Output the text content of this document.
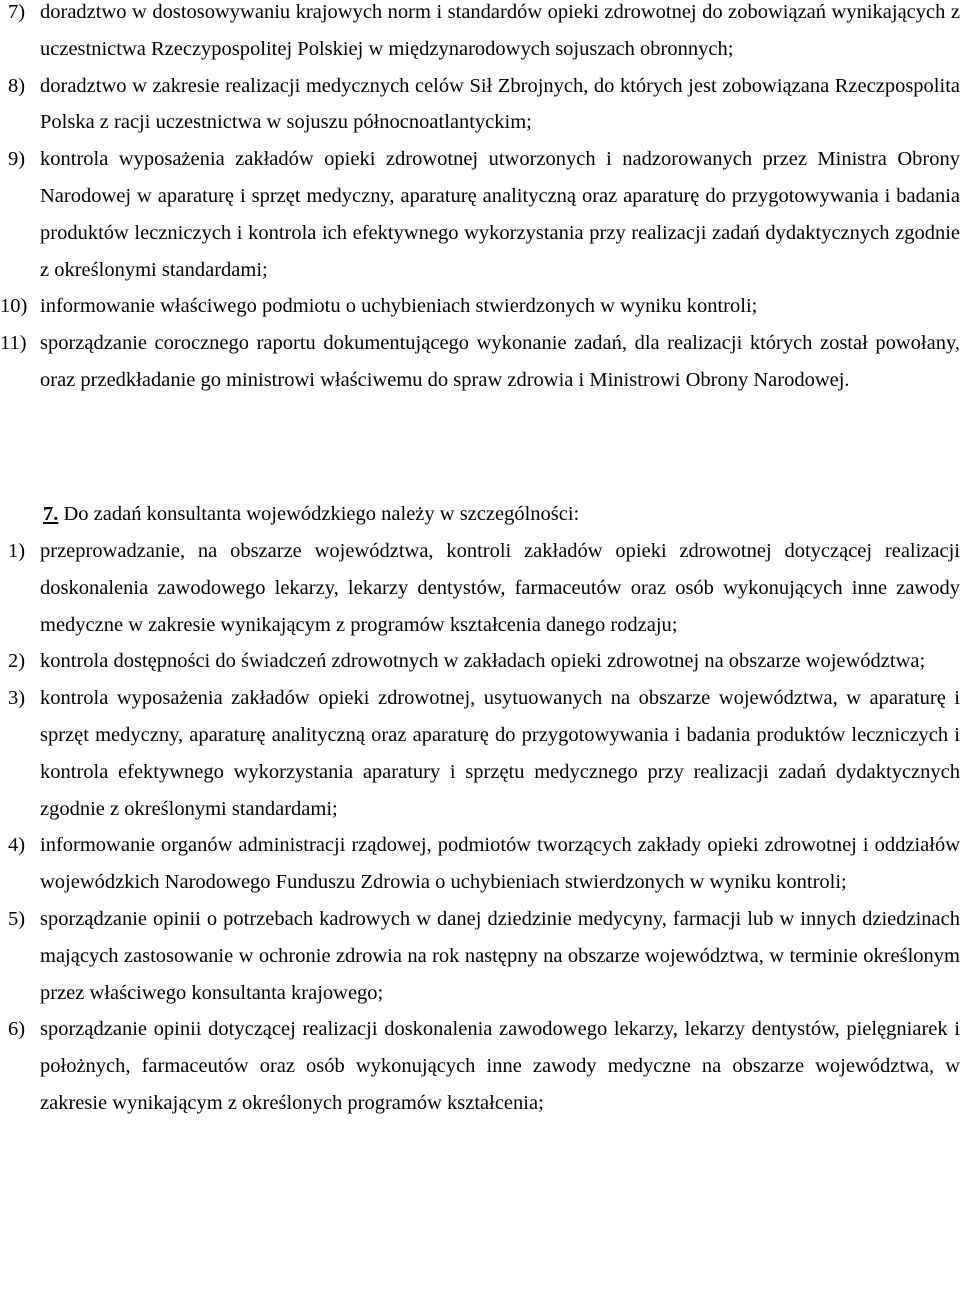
7) doradztwo w dostosowywaniu krajowych norm i standardów opieki zdrowotnej do zobowiązań wynikających z uczestnictwa Rzeczypospolitej Polskiej w międzynarodowych sojuszach obronnych;
8) doradztwo w zakresie realizacji medycznych celów Sił Zbrojnych, do których jest zobowiązana Rzeczpospolita Polska z racji uczestnictwa w sojuszu północnoatlantyckim;
9) kontrola wyposażenia zakładów opieki zdrowotnej utworzonych i nadzorowanych przez Ministra Obrony Narodowej w aparaturę i sprzęt medyczny, aparaturę analityczną oraz aparaturę do przygotowywania i badania produktów leczniczych i kontrola ich efektywnego wykorzystania przy realizacji zadań dydaktycznych zgodnie z określonymi standardami;
10) informowanie właściwego podmiotu o uchybieniach stwierdzonych w wyniku kontroli;
11) sporządzanie corocznego raportu dokumentującego wykonanie zadań, dla realizacji których został powołany, oraz przedkładanie go ministrowi właściwemu do spraw zdrowia i Ministrowi Obrony Narodowej.
7. Do zadań konsultanta wojewódzkiego należy w szczególności:
1) przeprowadzanie, na obszarze województwa, kontroli zakładów opieki zdrowotnej dotyczącej realizacji doskonalenia zawodowego lekarzy, lekarzy dentystów, farmaceutów oraz osób wykonujących inne zawody medyczne w zakresie wynikającym z programów kształcenia danego rodzaju;
2) kontrola dostępności do świadczeń zdrowotnych w zakładach opieki zdrowotnej na obszarze województwa;
3) kontrola wyposażenia zakładów opieki zdrowotnej, usytuowanych na obszarze województwa, w aparaturę i sprzęt medyczny, aparaturę analityczną oraz aparaturę do przygotowywania i badania produktów leczniczych i kontrola efektywnego wykorzystania aparatury i sprzętu medycznego przy realizacji zadań dydaktycznych zgodnie z określonymi standardami;
4) informowanie organów administracji rządowej, podmiotów tworzących zakłady opieki zdrowotnej i oddziałów wojewódzkich Narodowego Funduszu Zdrowia o uchybieniach stwierdzonych w wyniku kontroli;
5) sporządzanie opinii o potrzebach kadrowych w danej dziedzinie medycyny, farmacji lub w innych dziedzinach mających zastosowanie w ochronie zdrowia na rok następny na obszarze województwa, w terminie określonym przez właściwego konsultanta krajowego;
6) sporządzanie opinii dotyczącej realizacji doskonalenia zawodowego lekarzy, lekarzy dentystów, pielęgniarek i położnych, farmaceutów oraz osób wykonujących inne zawody medyczne na obszarze województwa, w zakresie wynikającym z określonych programów kształcenia;
